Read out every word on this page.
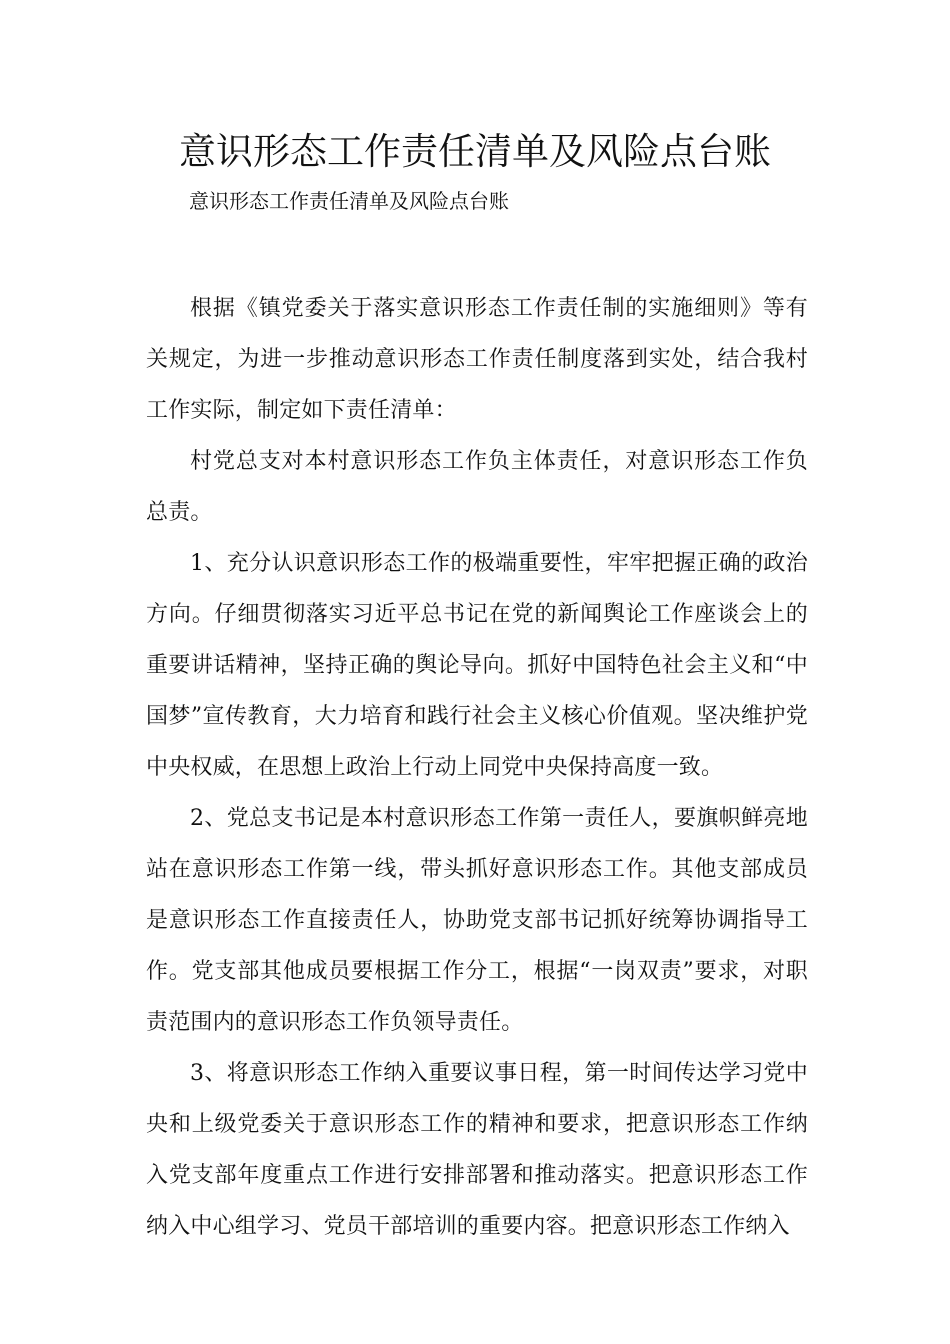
意识形态工作责任清单及风险点台账
意识形态工作责任清单及风险点台账

根据《镇党委关于落实意识形态工作责任制的实施细则》等有关规定，为进一步推动意识形态工作责任制度落到实处，结合我村工作实际，制定如下责任清单：

村党总支对本村意识形态工作负主体责任，对意识形态工作负总责。

1、充分认识意识形态工作的极端重要性，牢牢把握正确的政治方向。仔细贯彻落实习近平总书记在党的新闻舆论工作座谈会上的重要讲话精神，坚持正确的舆论导向。抓好中国特色社会主义和“中国梦”宣传教育，大力培育和践行社会主义核心价值观。坚决维护党中央权威，在思想上政治上行动上同党中央保持高度一致。

2、党总支书记是本村意识形态工作第一责任人，要旗帜鲜亮地站在意识形态工作第一线，带头抓好意识形态工作。其他支部成员是意识形态工作直接责任人，协助党支部书记抓好统筹协调指导工作。党支部其他成员要根据工作分工，根据“一岗双责”要求，对职责范围内的意识形态工作负领导责任。

3、将意识形态工作纳入重要议事日程，第一时间传达学习党中央和上级党委关于意识形态工作的精神和要求，把意识形态工作纳入党支部年度重点工作进行安排部署和推动落实。把意识形态工作纳入中心组学习、党员干部培训的重要内容。把意识形态工作纳入
